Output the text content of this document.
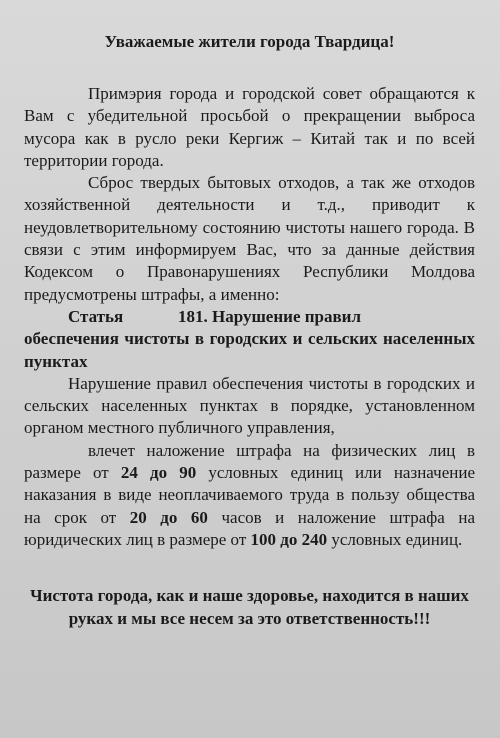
Уважаемые жители города Твардица!

Примэрия города и городской совет обращаются к Вам с убедительной просьбой о прекращении выброса мусора как в русло реки Кергиж – Китай так и по всей территории города.

Сброс твердых бытовых отходов, а так же отходов хозяйственной деятельности и т.д., приводит к неудовлетворительному состоянию чистоты нашего города. В связи с этим информируем Вас, что за данные действия Кодексом о Правонарушениях Республики Молдова предусмотрены штрафы, а именно:

Статья	181. Нарушение правил
обеспечения чистоты в городских и сельских населенных пунктах

Нарушение правил обеспечения чистоты в городских и сельских населенных пунктах в порядке, установленном органом местного публичного управления,

влечет наложение штрафа на физических лиц в размере от 24 до 90 условных единиц или назначение наказания в виде неоплачиваемого труда в пользу общества на срок от 20 до 60 часов и наложение штрафа на юридических лиц в размере от 100 до 240 условных единиц.

Чистота города, как и наше здоровье, находится в наших руках и мы все несем за это ответственность!!!
